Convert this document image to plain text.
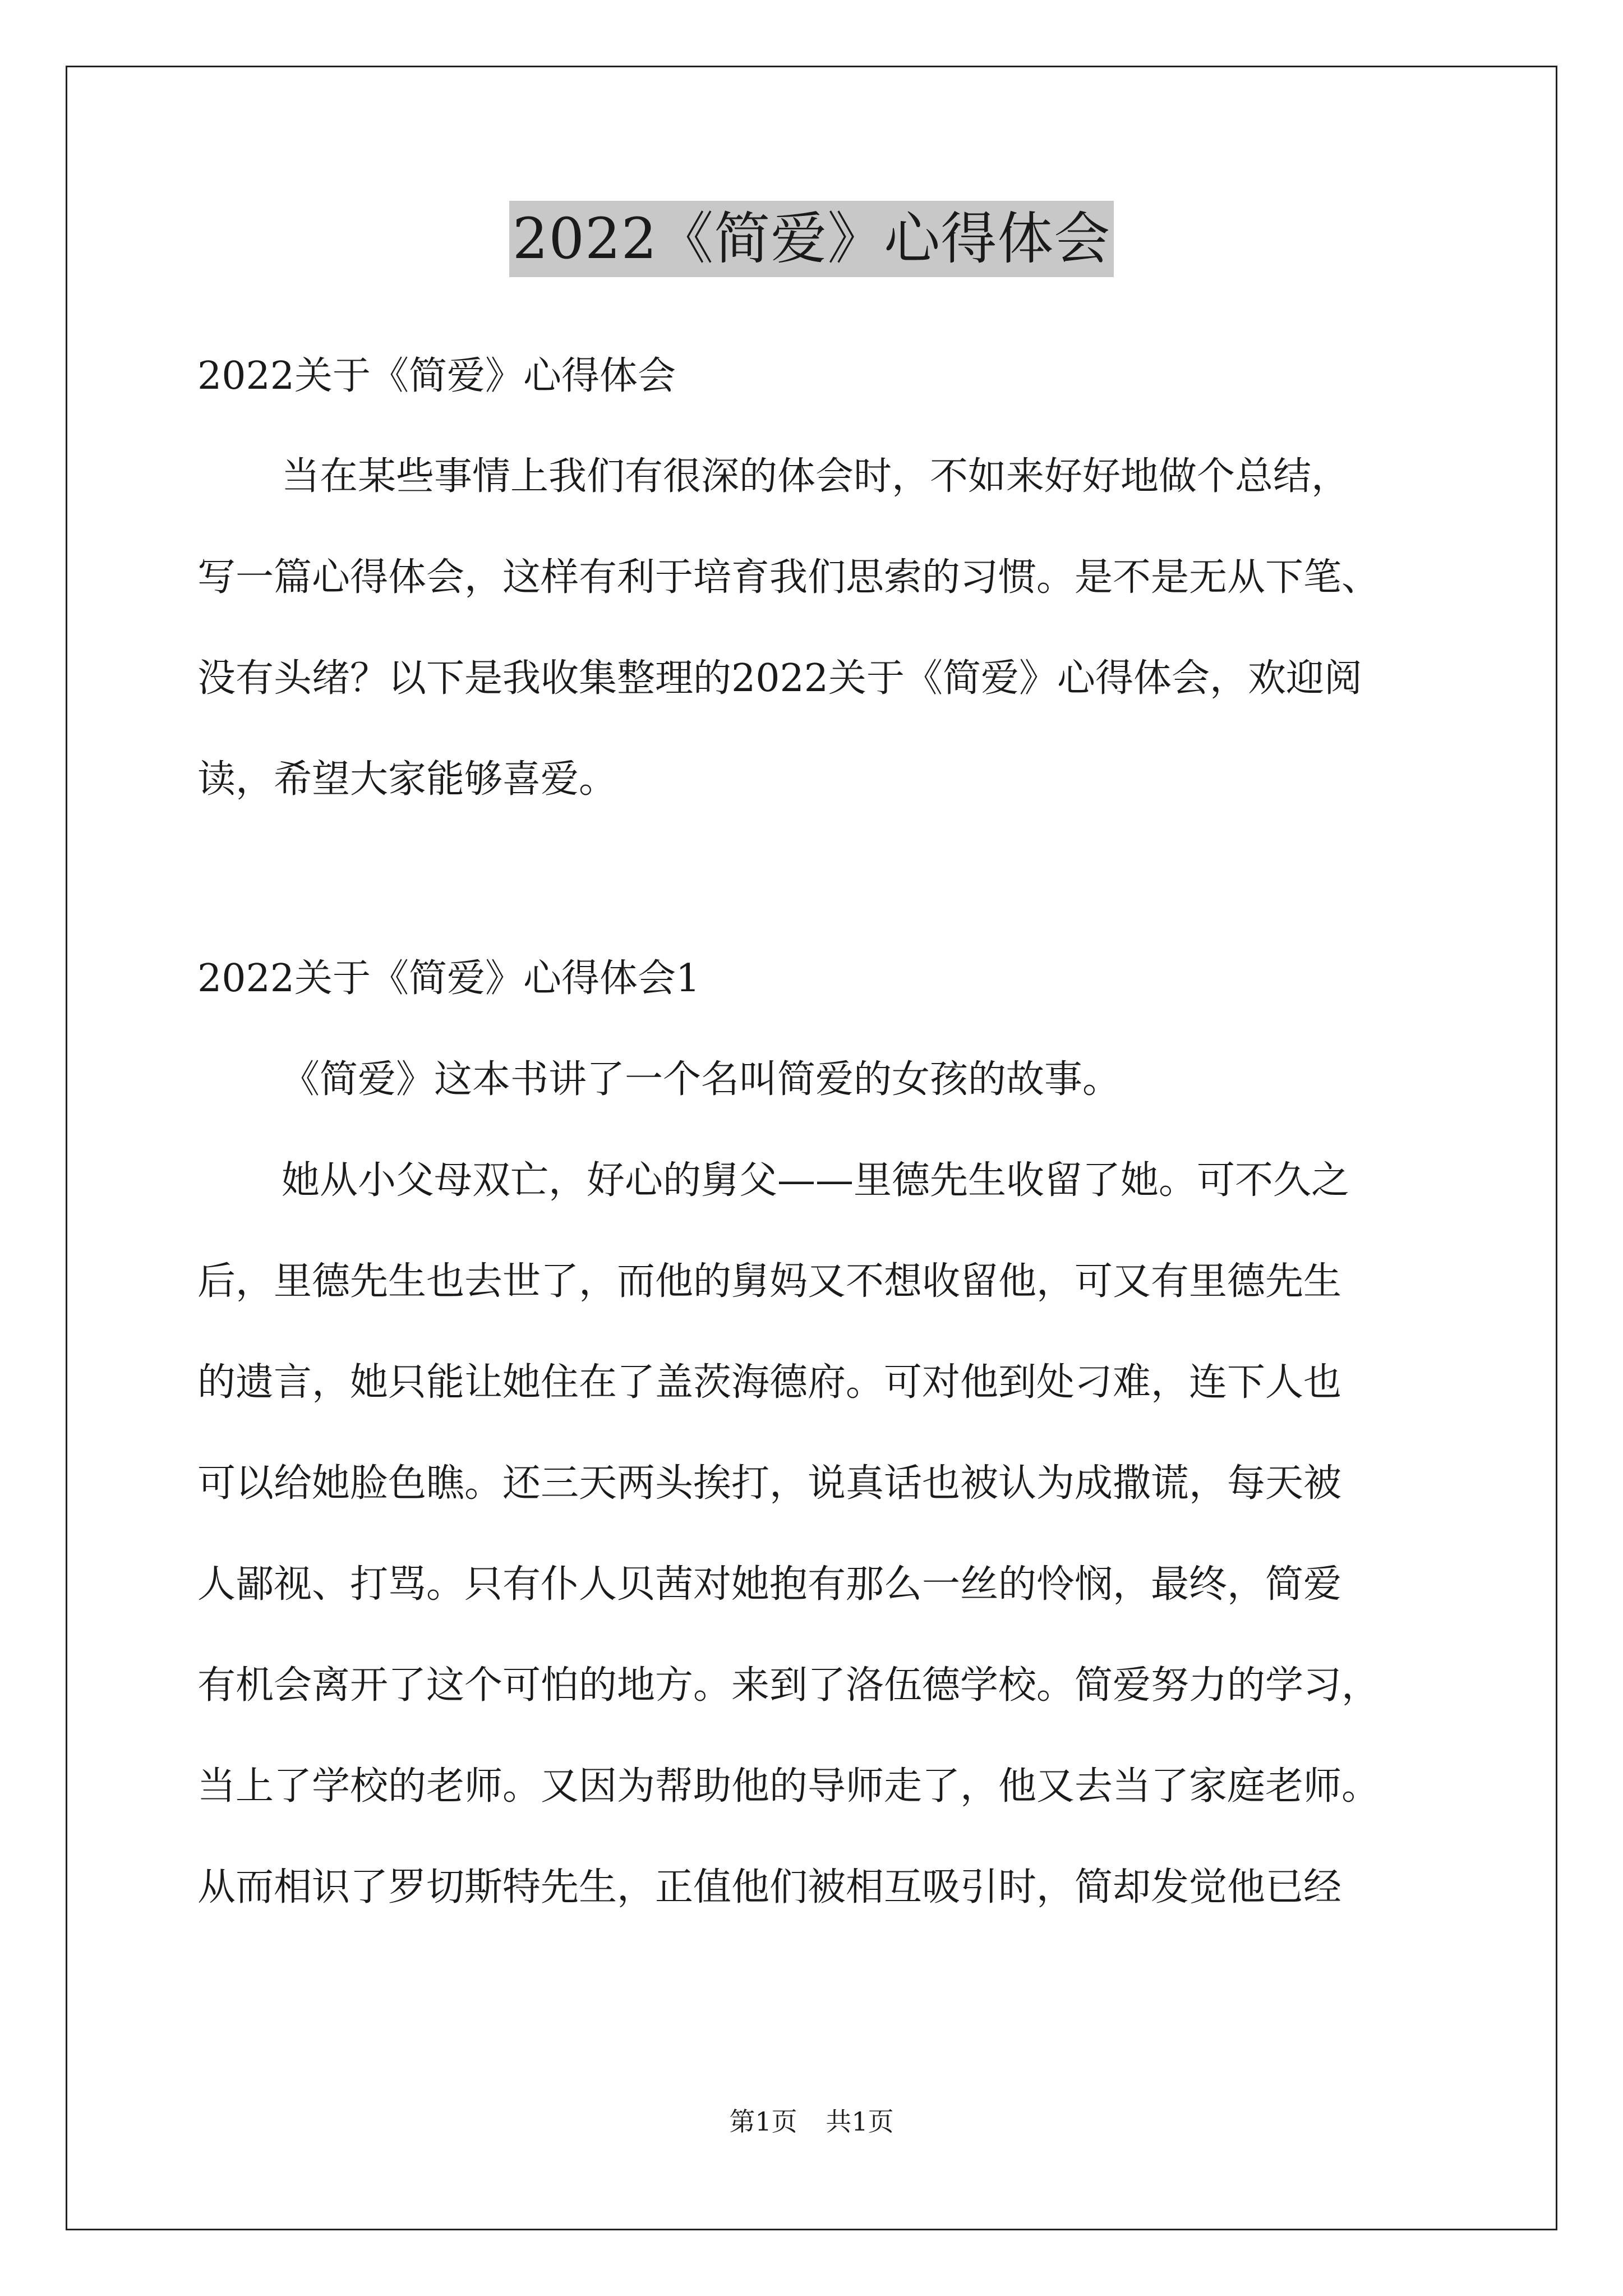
2022《简爱》心得体会
2022关于《简爱》心得体会
当在某些事情上我们有很深的体会时，不如来好好地做个总结，
写一篇心得体会，这样有利于培育我们思索的习惯。是不是无从下笔、
没有头绪？以下是我收集整理的2022关于《简爱》心得体会，欢迎阅
读，希望大家能够喜爱。
2022关于《简爱》心得体会1
《简爱》这本书讲了一个名叫简爱的女孩的故事。
她从小父母双亡，好心的舅父——里德先生收留了她。可不久之
后，里德先生也去世了，而他的舅妈又不想收留他，可又有里德先生
的遗言，她只能让她住在了盖茨海德府。可对他到处刁难，连下人也
可以给她脸色瞧。还三天两头挨打，说真话也被认为成撒谎，每天被
人鄙视、打骂。只有仆人贝茜对她抱有那么一丝的怜悯，最终，简爱
有机会离开了这个可怕的地方。来到了洛伍德学校。简爱努力的学习，
当上了学校的老师。又因为帮助他的导师走了，他又去当了家庭老师。
从而相识了罗切斯特先生，正值他们被相互吸引时，简却发觉他已经
第1页 共1页
